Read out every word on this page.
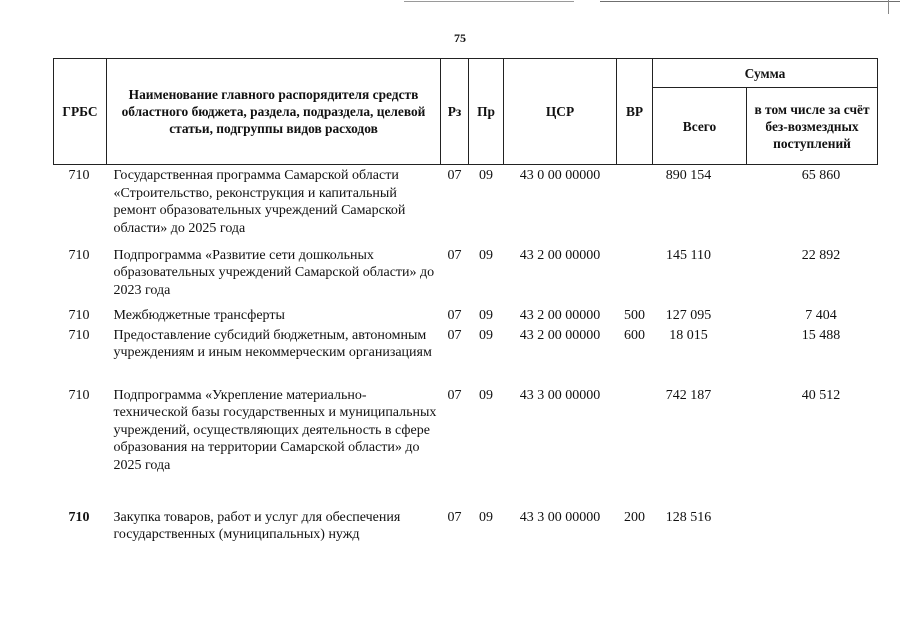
75
ГРБС	Наименование главного распорядителя средств областного бюджета, раздела, подраздела, целевой статьи, подгруппы видов расходов	Рз	Пр	ЦСР	ВР	Сумма	
						Всего	в том числе за счёт без-возмездных поступлений
710	Государственная программа Самарской области «Строительство, реконструкция и капитальный ремонт образовательных учреждений Самарской области» до 2025 года	07	09	43 0 00 00000		890 154	65 860
710	Подпрограмма «Развитие сети дошкольных образовательных учреждений Самарской области» до 2023 года	07	09	43 2 00 00000		145 110	22 892
710	Межбюджетные трансферты	07	09	43 2 00 00000	500	127 095	7 404
710	Предоставление субсидий бюджетным, автономным учреждениям и иным некоммерческим организациям	07	09	43 2 00 00000	600	18 015	15 488
710	Подпрограмма «Укрепление материально-технической базы государственных и муниципальных учреждений, осуществляющих деятельность в сфере образования на территории Самарской области» до 2025 года	07	09	43 3 00 00000		742 187	40 512
710	Закупка товаров, работ и услуг для обеспечения государственных (муниципальных) нужд	07	09	43 3 00 00000	200	128 516	
